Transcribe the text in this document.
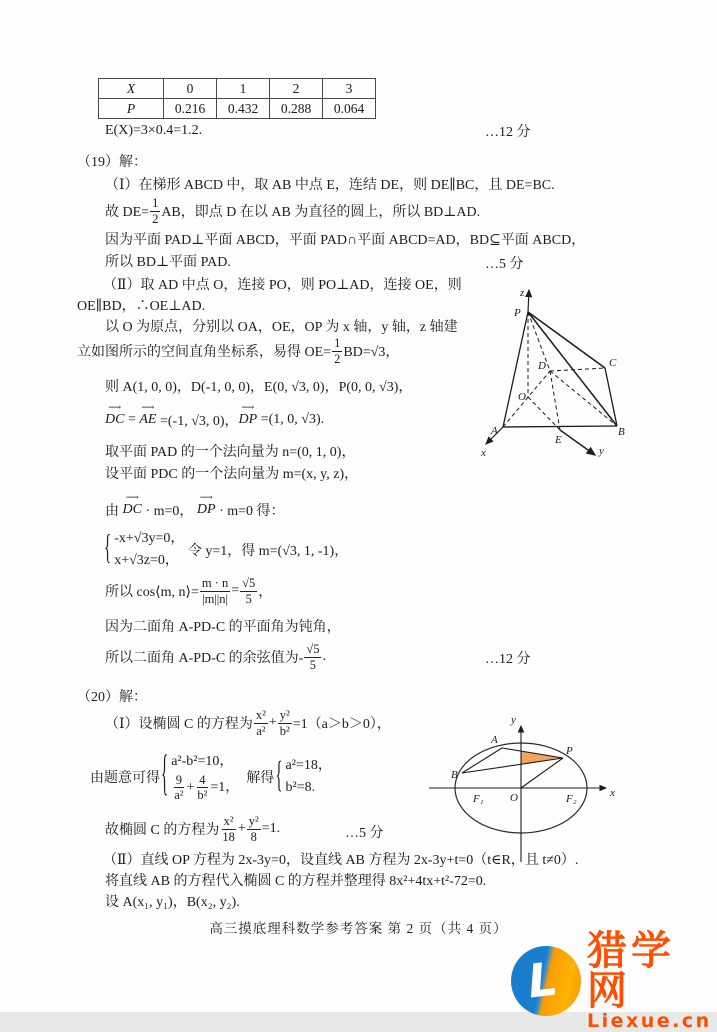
X	0	1	2	3
P	0.216	0.432	0.288	0.064
E(X)=3×0.4=1.2.	…12 分
（19）解：
（Ⅰ）在梯形 ABCD 中，取 AB 中点 E，连结 DE，则 DE∥BC，且 DE=BC.
故 $DE= \frac{1}{2}$ AB，即点 D 在以 AB 为直径的圆上，所以 BD⊥AD.
因为平面 PAD⊥平面 ABCD，平面 PAD∩平面 ABCD=AD，BD⊆平面 ABCD，
所以 BD⊥平面 PAD.	…5 分
（Ⅱ）取 AD 中点 O，连接 PO，则 PO⊥AD，连接 OE，则
OE∥BD，∴OE⊥AD.
以 O 为原点，分别以 OA，OE，OP 为 x 轴，y 轴，z 轴建
立如图所示的空间直角坐标系，易得 $OE= \frac{1}{2} BD=√3$，
则 A(1, 0, 0)，D(-1, 0, 0)，E(0, √3, 0)，P(0, 0, √3)，
⟶
DC =
⟶
AE =(-1, √3, 0)，
⟶
DP =(1, 0, √3).
取平面 PAD 的一个法向量为 n=(0, 1, 0)，
设平面 PDC 的一个法向量为 m=(x, y, z)，
由
⟶
DC · m=0，
⟶
DP · m=0 得：
{ -x+√3y=0，
x+√3z=0，
令 y=1，得 m=(√3, 1, -1)，
所以 cos⟨m, n⟩= $\frac{m \cdot n}{|m||n|} = \frac{√5}{5}$ ，
因为二面角 A-PD-C 的平面角为钝角，
所以二面角 A-PD-C 的余弦值为- $\frac{√5}{5}$ .	…12 分
z
P
D	C
O
A
E
B
x	y
（20）解：
（Ⅰ）设椭圆 C 的方程为 $\frac{\text{x²}}{\text{a²}} + \frac{\text{y²}}{\text{b²}} =1(a>b>0)$，
由题意可得 { a²-b²=10，
$\frac{9}{\text{a²}} + \frac{4}{\text{b²}} =1$，
解得 { a²=18，
b²=8.
故椭圆 C 的方程为 $\frac{\text{x²}}{18} + \frac{\text{y²}}{8} =1$.	…5 分
（Ⅱ）直线 OP 方程为 2x-3y=0，设直线 AB 方程为 2x-3y+t=0（t∈R，且 t≠0）.
将直线 AB 的方程代入椭圆 C 的方程并整理得 8x²+4tx+t²-72=0.
设 A(x₁, y₁)，B(x₂, y₂).
y
A
P
B
F₁	F₂
O	x
高三摸底理科数学参考答案 第 2 页（共 4 页）
L
猎学网
Liexue.cn
